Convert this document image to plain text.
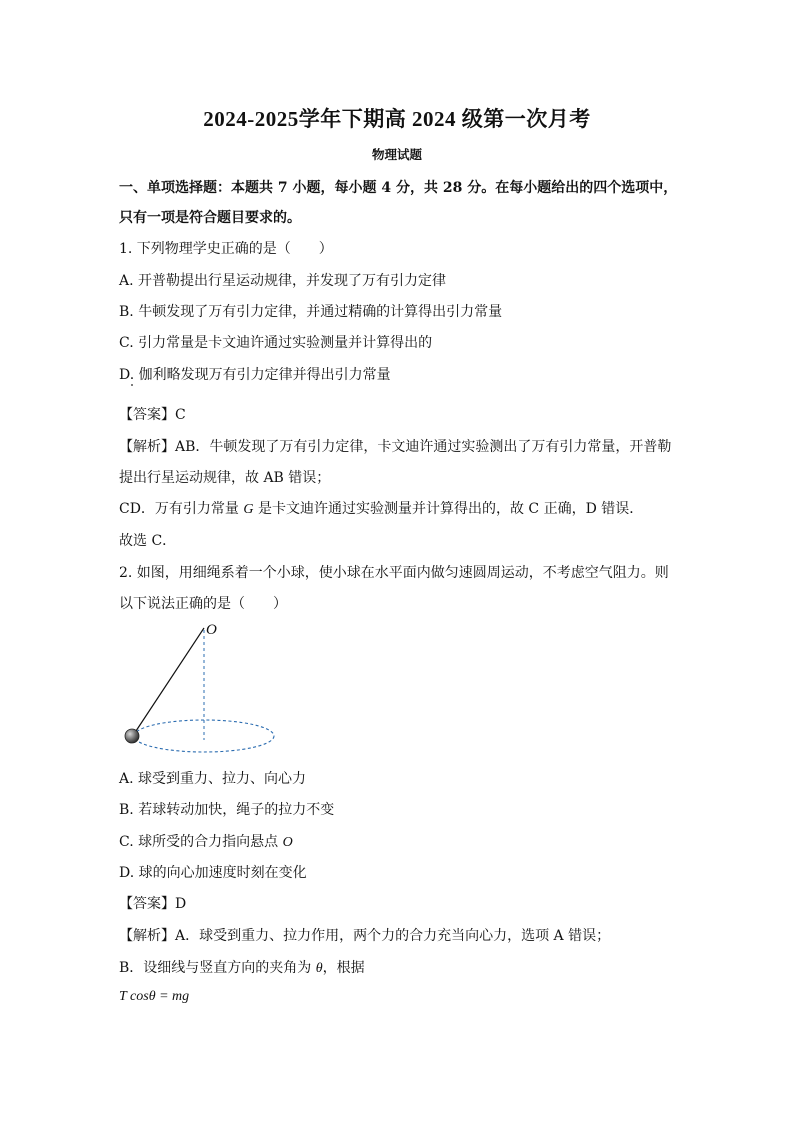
2024-2025学年下期高 2024 级第一次月考
物理试题
一、单项选择题：本题共 7 小题，每小题 4 分，共 28 分。在每小题给出的四个选项中，
只有一项是符合题目要求的。
1. 下列物理学史正确的是（　　）
A. 开普勒提出行星运动规律，并发现了万有引力定律
B. 牛顿发现了万有引力定律，并通过精确的计算得出引力常量
C. 引力常量是卡文迪许通过实验测量并计算得出的
D. 伽利略发现万有引力定律并得出引力常量
【答案】C
【解析】AB．牛顿发现了万有引力定律，卡文迪许通过实验测出了万有引力常量，开普勒
提出行星运动规律，故 AB 错误；
CD．万有引力常量 G 是卡文迪许通过实验测量并计算得出的，故 C 正确，D 错误．
故选 C．
2. 如图，用细绳系着一个小球，使小球在水平面内做匀速圆周运动，不考虑空气阻力。则
以下说法正确的是（　　）
O
A. 球受到重力、拉力、向心力
B. 若球转动加快，绳子的拉力不变
C. 球所受的合力指向悬点 O
D. 球的向心加速度时刻在变化
【答案】D
【解析】A．球受到重力、拉力作用，两个力的合力充当向心力，选项 A 错误；
B．设细线与竖直方向的夹角为 θ，根据
T cosθ = mg
